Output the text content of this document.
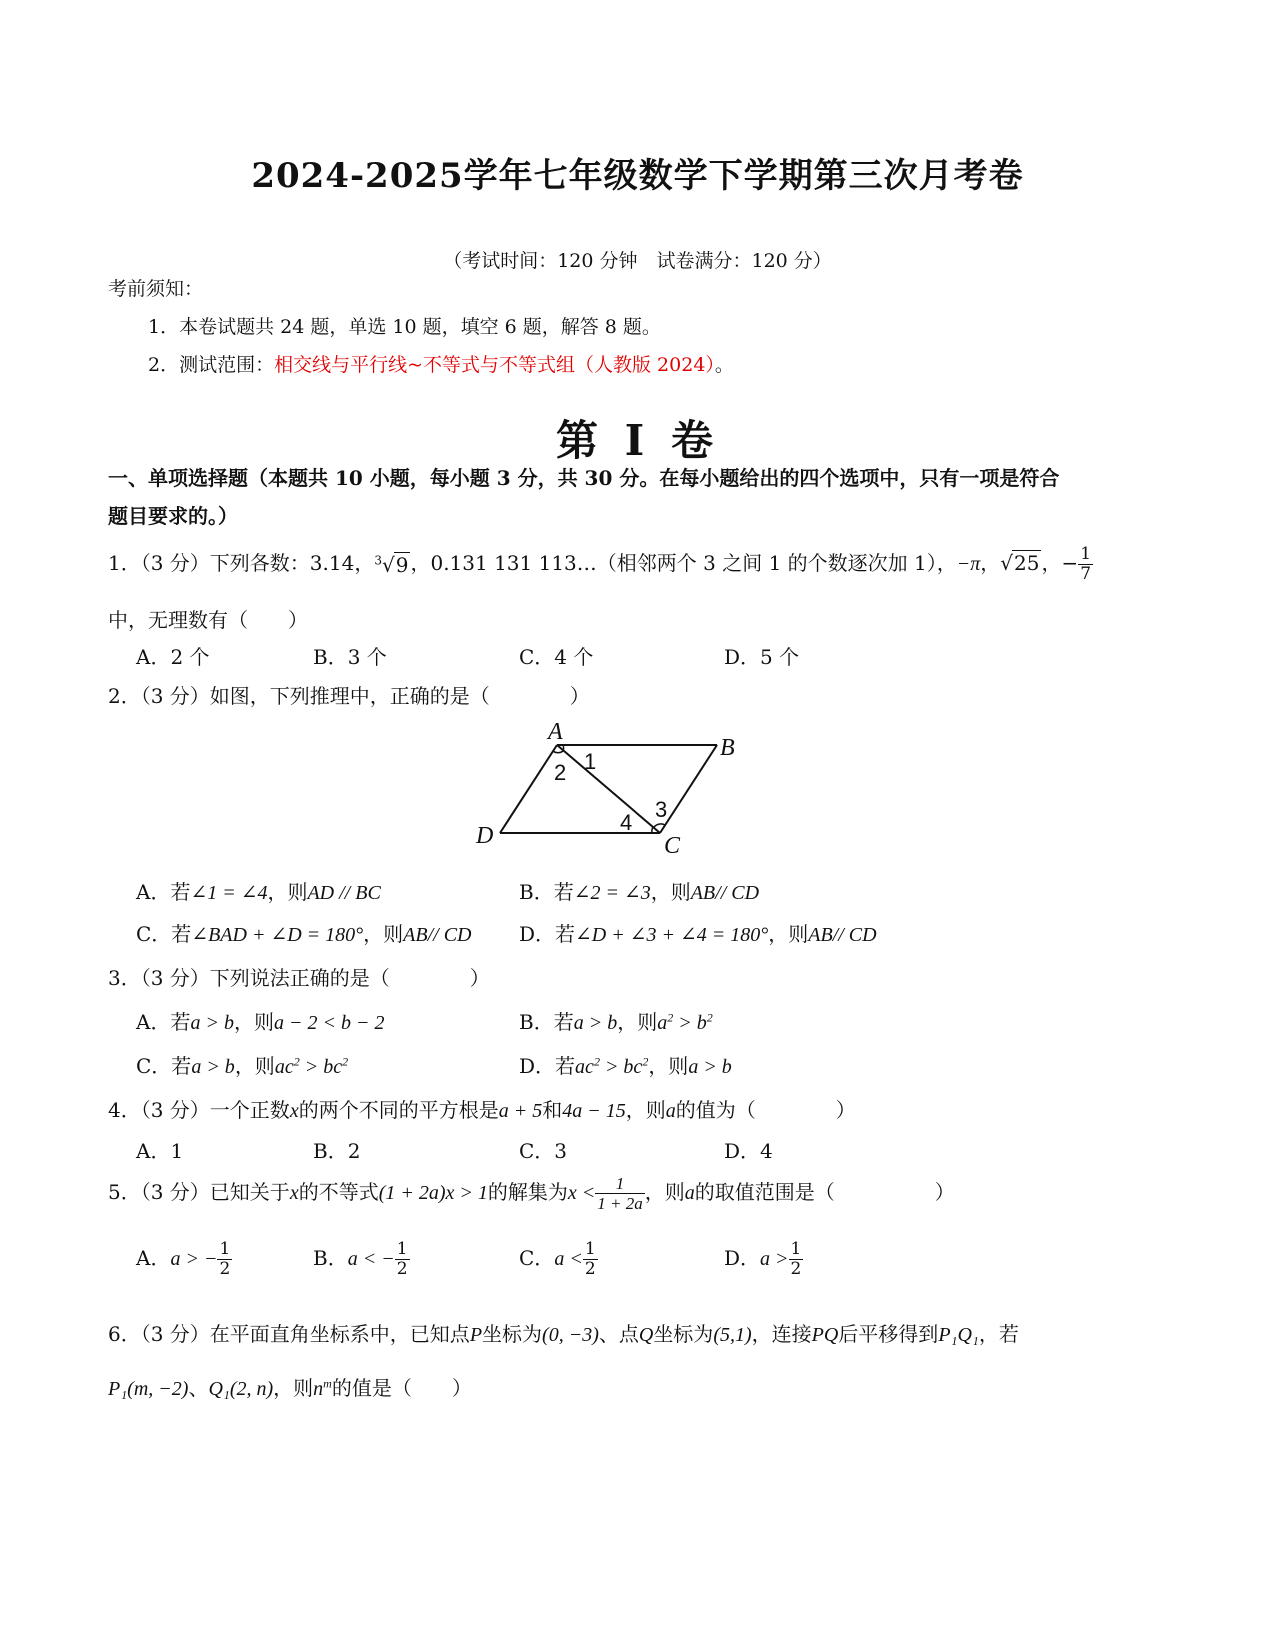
2024-2025学年七年级数学下学期第三次月考卷
（考试时间：120 分钟　试卷满分：120 分）
考前须知：
1．本卷试题共 24 题，单选 10 题，填空 6 题，解答 8 题。
2．测试范围：相交线与平行线~不等式与不等式组（人教版 2024）。
第 I 卷
一、单项选择题（本题共 10 小题，每小题 3 分，共 30 分。在每小题给出的四个选项中，只有一项是符合
题目要求的。）
1．（3 分）下列各数：3.14，$^3$√9 ，0.131 131 113…（相邻两个 3 之间 1 的个数逐次加 1），−π，√25 ，− $\frac{1}{7}$
中，无理数有（　　）
A．2 个	B．3 个	C．4 个	D．5 个
2．（3 分）如图，下列推理中，正确的是（　　　　）
A
B
C
D
1
2
3
4
A．若∠1 = ∠4，则AD // BC	B．若∠2 = ∠3，则AB// CD
C．若∠BAD + ∠D = 180°，则AB// CD D．若∠D + ∠3 + ∠4 = 180°，则AB// CD
3．（3 分）下列说法正确的是（　　　　）
A．若a > b，则a − 2 < b − 2	B．若a > b，则$a^2 > b^2$
C．若a > b，则$ac^2 > bc^2$	D．若$ac^2 > bc^2$，则a > b
4．（3 分）一个正数x的两个不同的平方根是a + 5和4a − 15，则a的值为（　　　　）
A．1	B．2	C．3	D．4
5．（3 分）已知关于x的不等式(1 + 2a)x > 1的解集为$x < \frac{1}{1 + 2a}$ ，则a的取值范围是（　　　　　）
A．a > − $\frac{1}{2}$	B．a < − $\frac{1}{2}$	C．$a < \frac{1}{2}$	D．$a > \frac{1}{2}$
6．（3 分）在平面直角坐标系中，已知点P坐标为(0, −3)、点Q坐标为(5,1)，连接PQ后平移得到P₁Q₁，若
P₁(m, −2)、Q₁(2, n)，则$n^m$的值是（　　）
